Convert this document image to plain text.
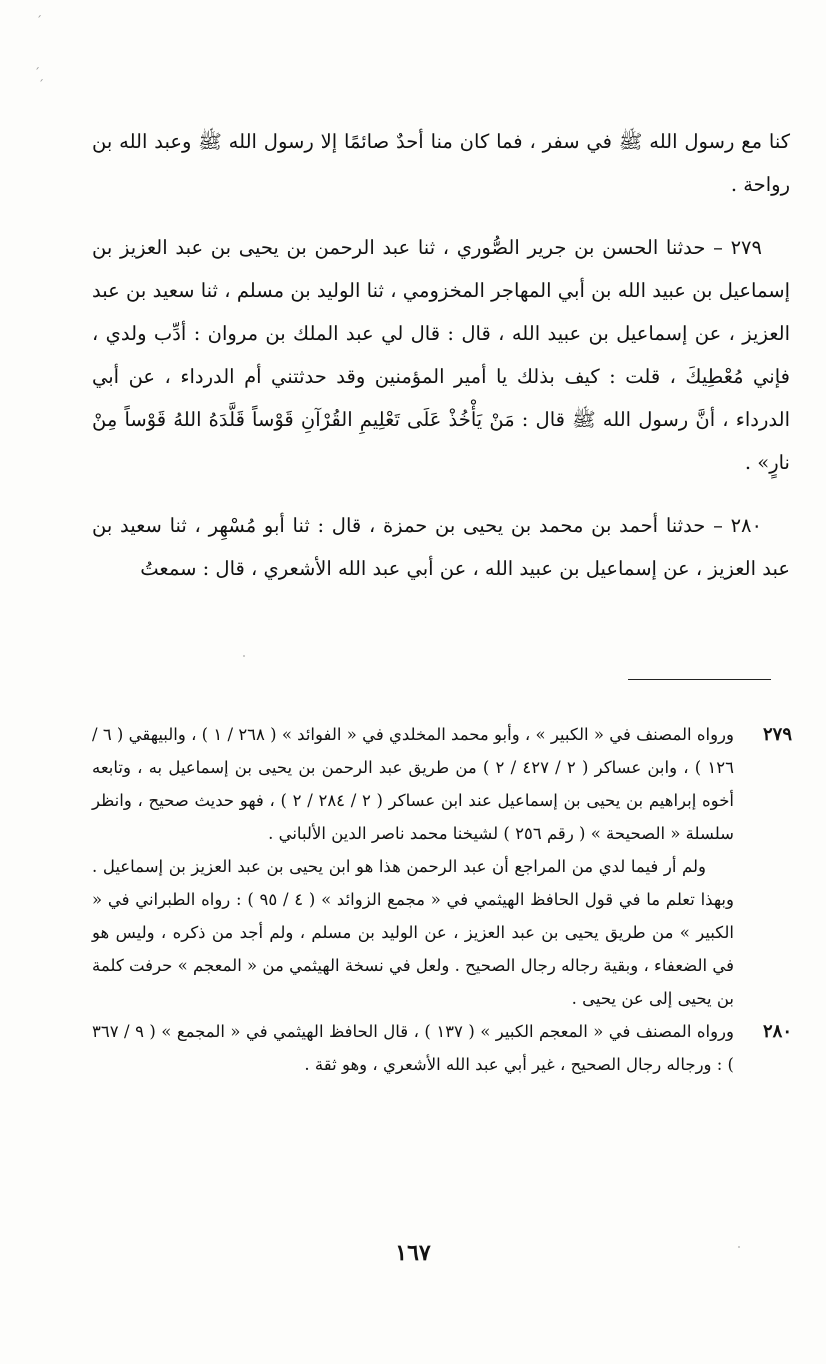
ˊ
ˊ
ˊ

كنا مع رسول الله ﷺ في سفر ، فما كان منا أحدٌ صائمًا إلا رسول الله ﷺ وعبد الله بن رواحة .

٢٧٩ – حدثنا الحسن بن جرير الصُّوري ، ثنا عبد الرحمن بن يحيى بن عبد العزيز بن إسماعيل بن عبيد الله بن أبي المهاجر المخزومي ، ثنا الوليد بن مسلم ، ثنا سعيد بن عبد العزيز ، عن إسماعيل بن عبيد الله ، قال : قال لي عبد الملك بن مروان : أدِّب ولدي ، فإني مُعْطِيكَ ، قلت : كيف بذلك يا أمير المؤمنين وقد حدثتني أم الدرداء ، عن أبي الدرداء ، أنَّ رسول الله ﷺ قال : مَنْ يَأْخُذْ عَلَى تَعْلِيمِ القُرْآنِ قَوْساً قَلَّدَهُ اللهُ قَوْساً مِنْ نارٍ» .

٢٨٠ – حدثنا أحمد بن محمد بن يحيى بن حمزة ، قال : ثنا أبو مُسْهِر ، ثنا سعيد بن عبد العزيز ، عن إسماعيل بن عبيد الله ، عن أبي عبد الله الأشعري ، قال : سمعتُ

٢٧٩

ورواه المصنف في « الكبير » ، وأبو محمد المخلدي في « الفوائد » ( ٢٦٨ / ١ ) ، والبيهقي ( ٦ / ١٢٦ ) ، وابن عساكر ( ٢ / ٤٢٧ / ٢ ) من طريق عبد الرحمن بن يحيى بن إسماعيل به ، وتابعه أخوه إبراهيم بن يحيى بن إسماعيل عند ابن عساكر ( ٢ / ٢٨٤ / ٢ ) ، فهو حديث صحيح ، وانظر سلسلة « الصحيحة » ( رقم ٢٥٦ ) لشيخنا محمد ناصر الدين الألباني .

ولم أر فيما لدي من المراجع أن عبد الرحمن هذا هو ابن يحيى بن عبد العزيز بن إسماعيل . وبهذا تعلم ما في قول الحافظ الهيثمي في « مجمع الزوائد » ( ٤ / ٩٥ ) : رواه الطبراني في « الكبير » من طريق يحيى بن عبد العزيز ، عن الوليد بن مسلم ، ولم أجد من ذكره ، وليس هو في الضعفاء ، وبقية رجاله رجال الصحيح . ولعل في نسخة الهيثمي من « المعجم » حرفت كلمة بن يحيى إلى عن يحيى .

٢٨٠

ورواه المصنف في « المعجم الكبير » ( ١٣٧ ) ، قال الحافظ الهيثمي في « المجمع » ( ٩ / ٣٦٧ ) : ورجاله رجال الصحيح ، غير أبي عبد الله الأشعري ، وهو ثقة .

١٦٧
